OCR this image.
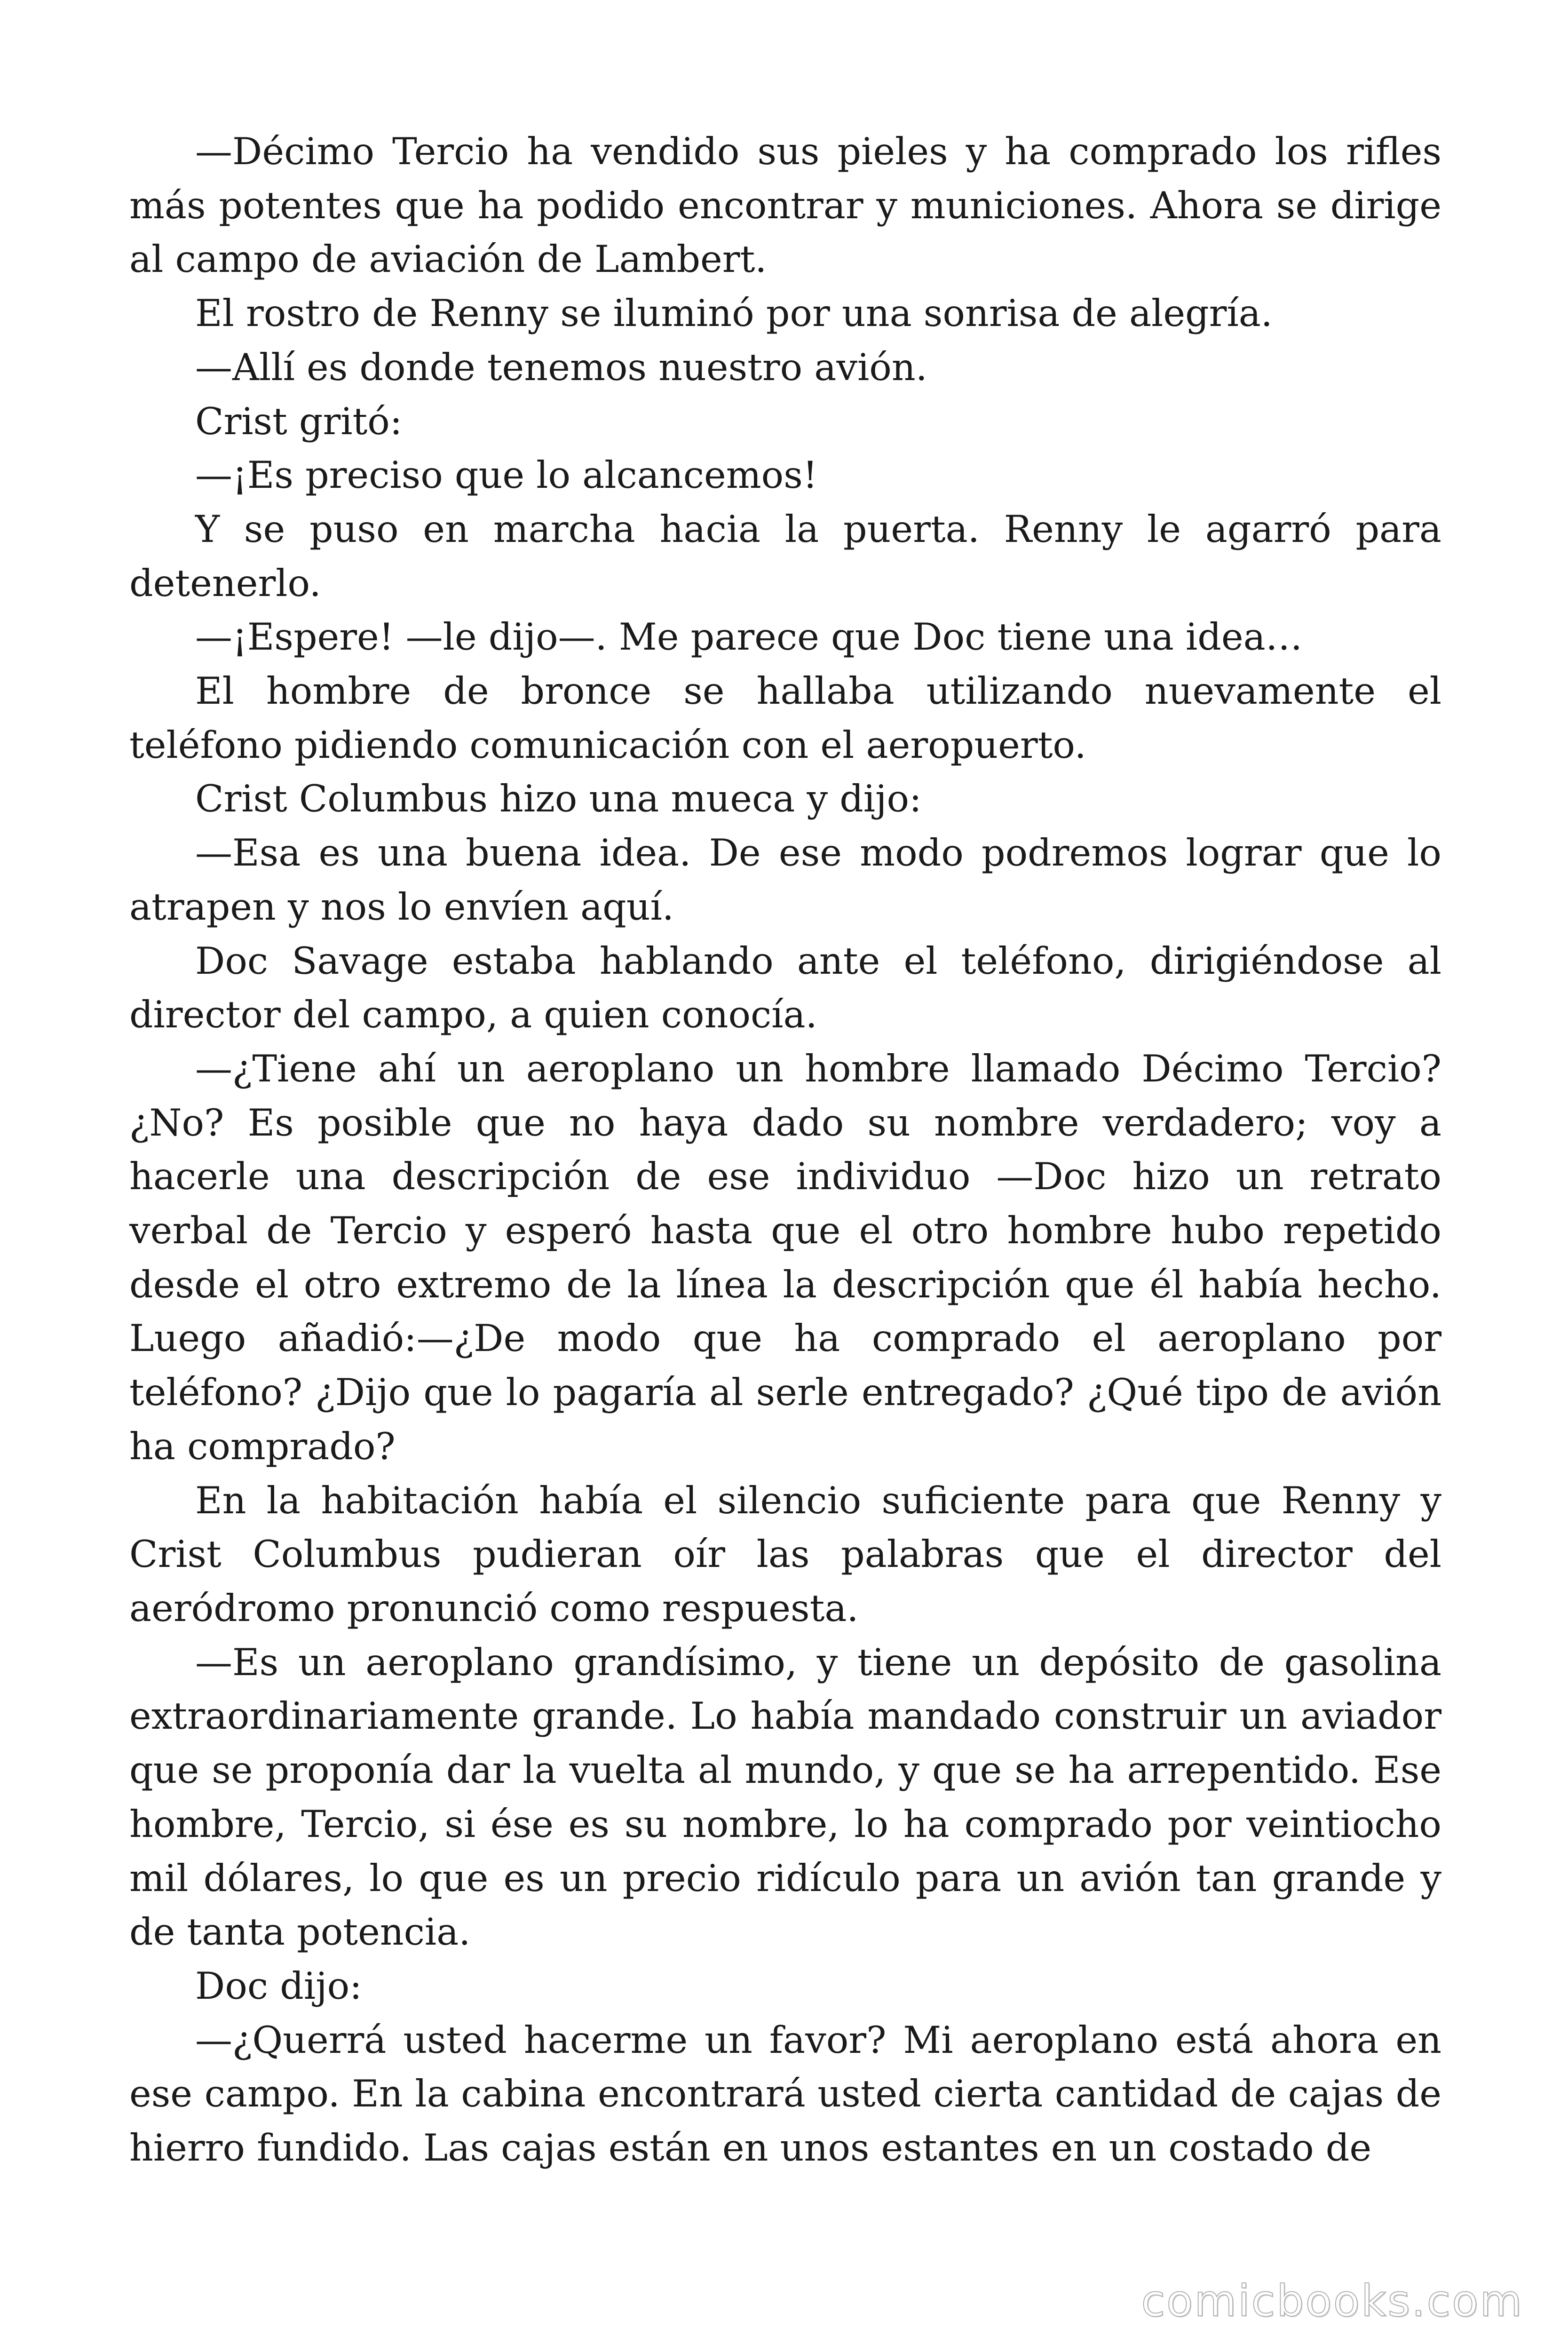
—Décimo Tercio ha vendido sus pieles y ha comprado los rifles más potentes que ha podido encontrar y municiones. Ahora se dirige al campo de aviación de Lambert.

El rostro de Renny se iluminó por una sonrisa de alegría.

—Allí es donde tenemos nuestro avión.

Crist gritó:

—¡Es preciso que lo alcancemos!

Y se puso en marcha hacia la puerta. Renny le agarró para detenerlo.

—¡Espere! —le dijo—. Me parece que Doc tiene una idea…

El hombre de bronce se hallaba utilizando nuevamente el teléfono pidiendo comunicación con el aeropuerto.

Crist Columbus hizo una mueca y dijo:

—Esa es una buena idea. De ese modo podremos lograr que lo atrapen y nos lo envíen aquí.

Doc Savage estaba hablando ante el teléfono, dirigiéndose al director del campo, a quien conocía.

—¿Tiene ahí un aeroplano un hombre llamado Décimo Tercio? ¿No? Es posible que no haya dado su nombre verdadero; voy a hacerle una descripción de ese individuo —Doc hizo un retrato verbal de Tercio y esperó hasta que el otro hombre hubo repetido desde el otro extremo de la línea la descripción que él había hecho. Luego añadió:—¿De modo que ha comprado el aeroplano por teléfono? ¿Dijo que lo pagaría al serle entregado? ¿Qué tipo de avión ha comprado?

En la habitación había el silencio suficiente para que Renny y Crist Columbus pudieran oír las palabras que el director del aeródromo pronunció como respuesta.

—Es un aeroplano grandísimo, y tiene un depósito de gasolina extraordinariamente grande. Lo había mandado construir un aviador que se proponía dar la vuelta al mundo, y que se ha arrepentido. Ese hombre, Tercio, si ése es su nombre, lo ha comprado por veintiocho mil dólares, lo que es un precio ridículo para un avión tan grande y de tanta potencia.

Doc dijo:

—¿Querrá usted hacerme un favor? Mi aeroplano está ahora en ese campo. En la cabina encontrará usted cierta cantidad de cajas de hierro fundido. Las cajas están en unos estantes en un costado de

comicbooks.com
